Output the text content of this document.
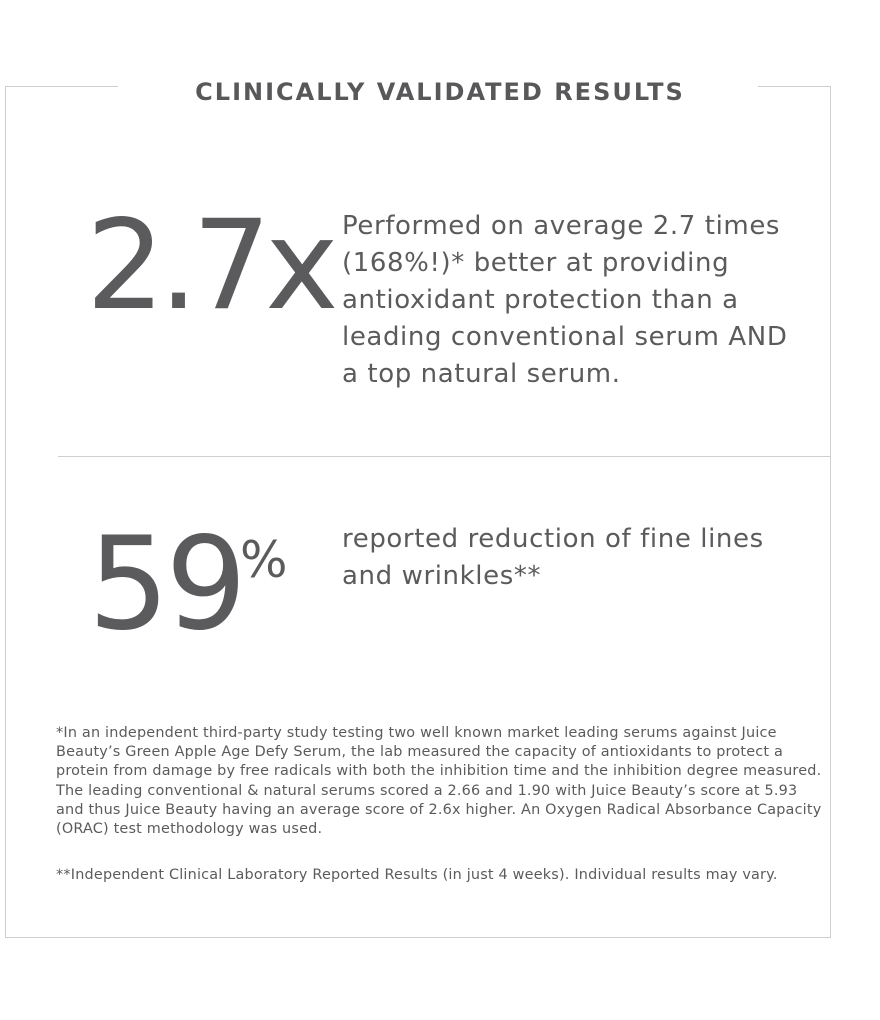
CLINICALLY VALIDATED RESULTS

2.7x Performed on average 2.7 times (168%!)* better at providing antioxidant protection than a leading conventional serum AND a top natural serum.

59

% reported reduction of fine lines and wrinkles**

*In an independent third-party study testing two well known market leading serums against Juice Beauty’s Green Apple Age Defy Serum, the lab measured the capacity of antioxidants to protect a protein from damage by free radicals with both the inhibition time and the inhibition degree measured. The leading conventional & natural serums scored a 2.66 and 1.90 with Juice Beauty’s score at 5.93 and thus Juice Beauty having an average score of 2.6x higher. An Oxygen Radical Absorbance Capacity (ORAC) test methodology was used.

**Independent Clinical Laboratory Reported Results (in just 4 weeks). Individual results may vary.
